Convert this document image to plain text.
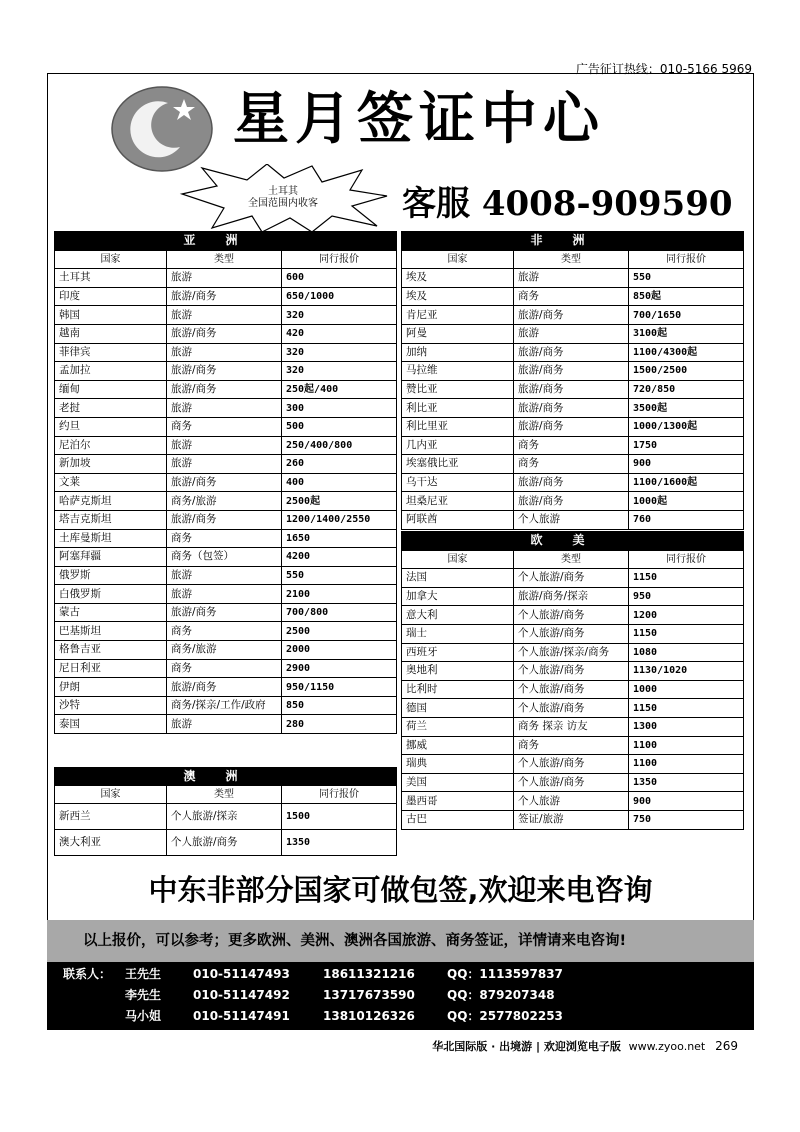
广告征订热线：010-5166 5969
星月签证中心
土耳其
全国范围内收客	客服 4008-909590
亚洲		
国家	类型	同行报价
土耳其	旅游	600
印度	旅游/商务	650/1000
韩国	旅游	320
越南	旅游/商务	420
菲律宾	旅游	320
孟加拉	旅游/商务	320
缅甸	旅游/商务	250起/400
老挝	旅游	300
约旦	商务	500
尼泊尔	旅游	250/400/800
新加坡	旅游	260
文莱	旅游/商务	400
哈萨克斯坦	商务/旅游	2500起
塔吉克斯坦	旅游/商务	1200/1400/2550
土库曼斯坦	商务	1650
阿塞拜疆	商务（包签）	4200
俄罗斯	旅游	550
白俄罗斯	旅游	2100
蒙古	旅游/商务	700/800
巴基斯坦	商务	2500
格鲁吉亚	商务/旅游	2000
尼日利亚	商务	2900
伊朗	旅游/商务	950/1150
沙特	商务/探亲/工作/政府	850
泰国	旅游	280
澳洲		
国家	类型	同行报价
新西兰	个人旅游/探亲	1500
澳大利亚	个人旅游/商务	1350
非洲		
国家	类型	同行报价
埃及	旅游	550
埃及	商务	850起
肯尼亚	旅游/商务	700/1650
阿曼	旅游	3100起
加纳	旅游/商务	1100/4300起
马拉维	旅游/商务	1500/2500
赞比亚	旅游/商务	720/850
利比亚	旅游/商务	3500起
利比里亚	旅游/商务	1000/1300起
几内亚	商务	1750
埃塞俄比亚	商务	900
乌干达	旅游/商务	1100/1600起
坦桑尼亚	旅游/商务	1000起
阿联酋	个人旅游	760
欧美		
国家	类型	同行报价
法国	个人旅游/商务	1150
加拿大	旅游/商务/探亲	950
意大利	个人旅游/商务	1200
瑞士	个人旅游/商务	1150
西班牙	个人旅游/探亲/商务	1080
奥地利	个人旅游/商务	1130/1020
比利时	个人旅游/商务	1000
德国	个人旅游/商务	1150
荷兰	商务 探亲 访友	1300
挪威	商务	1100
瑞典	个人旅游/商务	1100
美国	个人旅游/商务	1350
墨西哥	个人旅游	900
古巴	签证/旅游	750
中东非部分国家可做包签,欢迎来电咨询
以上报价，可以参考；更多欧洲、美洲、澳洲各国旅游、商务签证，详情请来电咨询!
联系人： 王先生	010-51147493	18611321216	QQ：1113597837
李先生	010-51147492	13717673590	QQ：879207348
马小姐	010-51147491	13810126326	QQ：2577802253
华北国际版 · 出境游 | 欢迎浏览电子版 www.zyoo.net 269
